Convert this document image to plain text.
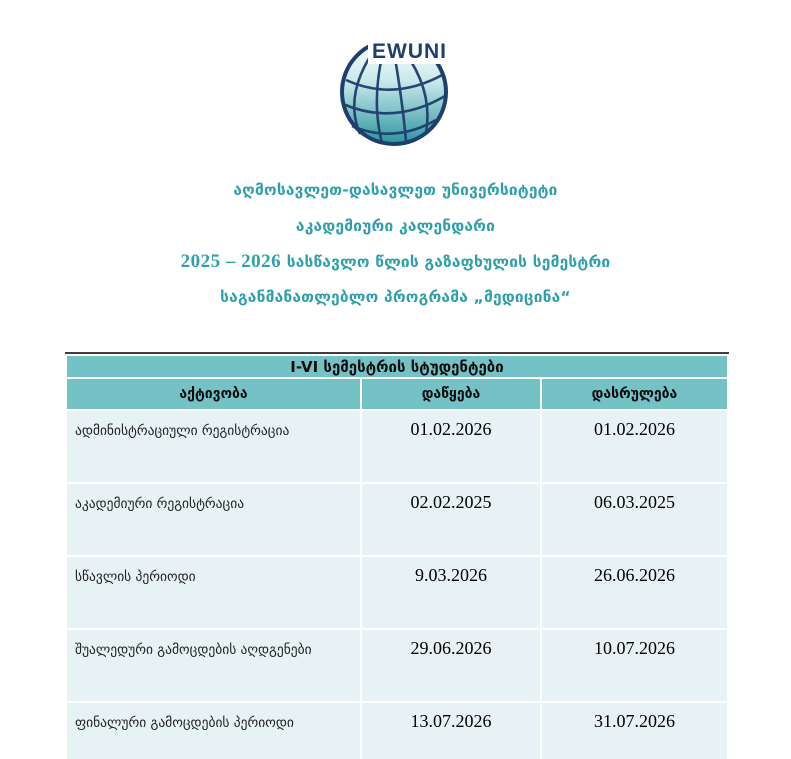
EWUNI
აღმოსავლეთ-დასავლეთ უნივერსიტეტი
აკადემიური კალენდარი
2025 – 2026 სასწავლო წლის გაზაფხულის სემესტრი
საგანმანათლებლო პროგრამა „მედიცინა“
I-VI სემესტრის სტუდენტები		
აქტივობა	დაწყება	დასრულება
ადმინისტრაციული რეგისტრაცია	01.02.2026	01.02.2026
აკადემიური რეგისტრაცია	02.02.2025	06.03.2025
სწავლის პერიოდი	9.03.2026	26.06.2026
შუალედური გამოცდების აღდგენები	29.06.2026	10.07.2026
ფინალური გამოცდების პერიოდი	13.07.2026	31.07.2026
